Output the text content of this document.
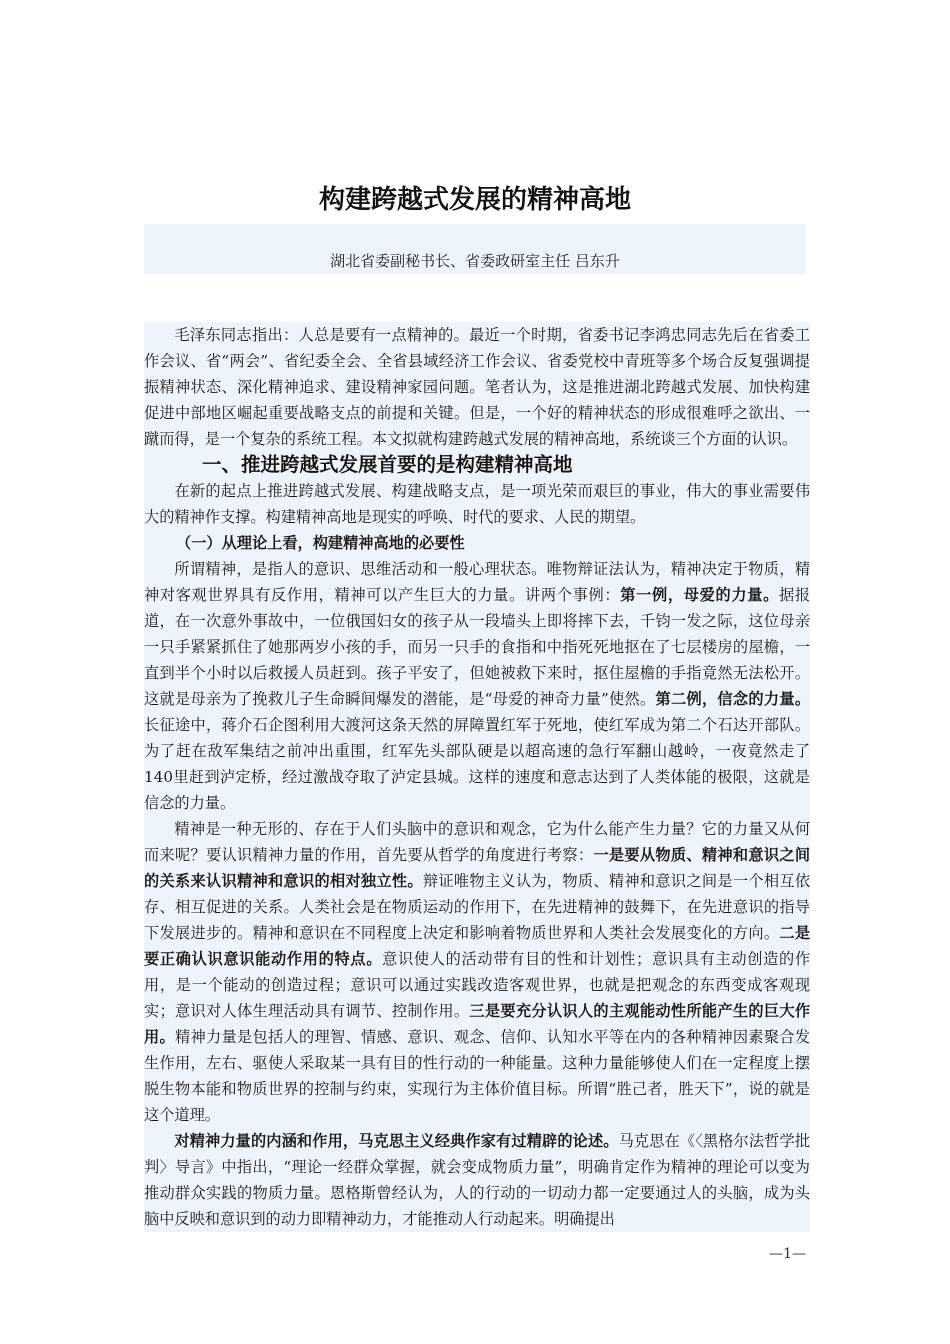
构建跨越式发展的精神高地
湖北省委副秘书长、省委政研室主任 吕东升

毛泽东同志指出：人总是要有一点精神的。最近一个时期，省委书记李鸿忠同志先后在省委工作会议、省“两会”、省纪委全会、全省县域经济工作会议、省委党校中青班等多个场合反复强调提振精神状态、深化精神追求、建设精神家园问题。笔者认为，这是推进湖北跨越式发展、加快构建促进中部地区崛起重要战略支点的前提和关键。但是，一个好的精神状态的形成很难呼之欲出、一蹴而得，是一个复杂的系统工程。本文拟就构建跨越式发展的精神高地，系统谈三个方面的认识。

一、推进跨越式发展首要的是构建精神高地

在新的起点上推进跨越式发展、构建战略支点，是一项光荣而艰巨的事业，伟大的事业需要伟大的精神作支撑。构建精神高地是现实的呼唤、时代的要求、人民的期望。

（一）从理论上看，构建精神高地的必要性

所谓精神，是指人的意识、思维活动和一般心理状态。唯物辩证法认为，精神决定于物质，精神对客观世界具有反作用，精神可以产生巨大的力量。讲两个事例：第一例，母爱的力量。据报道，在一次意外事故中，一位俄国妇女的孩子从一段墙头上即将摔下去，千钧一发之际，这位母亲一只手紧紧抓住了她那两岁小孩的手，而另一只手的食指和中指死死地抠在了七层楼房的屋檐，一直到半个小时以后救援人员赶到。孩子平安了，但她被救下来时，抠住屋檐的手指竟然无法松开。这就是母亲为了挽救儿子生命瞬间爆发的潜能，是“母爱的神奇力量”使然。第二例，信念的力量。长征途中，蒋介石企图利用大渡河这条天然的屏障置红军于死地，使红军成为第二个石达开部队。为了赶在敌军集结之前冲出重围，红军先头部队硬是以超高速的急行军翻山越岭，一夜竟然走了140里赶到泸定桥，经过激战夺取了泸定县城。这样的速度和意志达到了人类体能的极限，这就是信念的力量。

精神是一种无形的、存在于人们头脑中的意识和观念，它为什么能产生力量？它的力量又从何而来呢？要认识精神力量的作用，首先要从哲学的角度进行考察：一是要从物质、精神和意识之间的关系来认识精神和意识的相对独立性。辩证唯物主义认为，物质、精神和意识之间是一个相互依存、相互促进的关系。人类社会是在物质运动的作用下，在先进精神的鼓舞下，在先进意识的指导下发展进步的。精神和意识在不同程度上决定和影响着物质世界和人类社会发展变化的方向。二是要正确认识意识能动作用的特点。意识使人的活动带有目的性和计划性；意识具有主动创造的作用，是一个能动的创造过程；意识可以通过实践改造客观世界，也就是把观念的东西变成客观现实；意识对人体生理活动具有调节、控制作用。三是要充分认识人的主观能动性所能产生的巨大作用。精神力量是包括人的理智、情感、意识、观念、信仰、认知水平等在内的各种精神因素聚合发生作用，左右、驱使人采取某一具有目的性行动的一种能量。这种力量能够使人们在一定程度上摆脱生物本能和物质世界的控制与约束，实现行为主体价值目标。所谓“胜己者，胜天下”，说的就是这个道理。

对精神力量的内涵和作用，马克思主义经典作家有过精辟的论述。马克思在《〈黑格尔法哲学批判〉导言》中指出，“理论一经群众掌握，就会变成物质力量”，明确肯定作为精神的理论可以变为推动群众实践的物质力量。恩格斯曾经认为，人的行动的一切动力都一定要通过人的头脑，成为头脑中反映和意识到的动力即精神动力，才能推动人行动起来。明确提出

—1—
